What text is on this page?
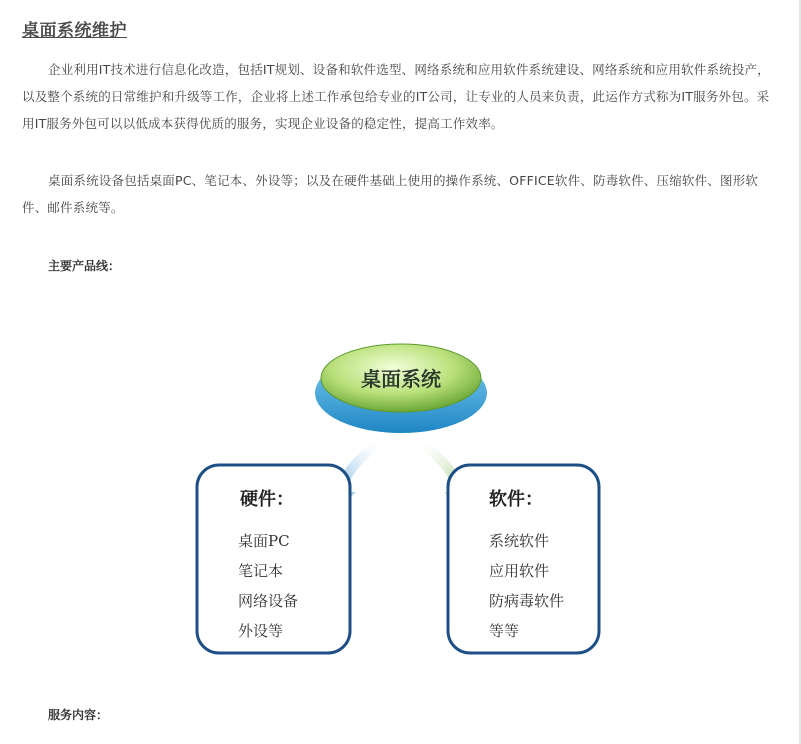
桌面系统维护

企业利用IT技术进行信息化改造，包括IT规划、设备和软件选型、网络系统和应用软件系统建设、网络系统和应用软件系统投产，以及整个系统的日常维护和升级等工作，企业将上述工作承包给专业的IT公司，让专业的人员来负责，此运作方式称为IT服务外包。采用IT服务外包可以以低成本获得优质的服务，实现企业设备的稳定性，提高工作效率。

桌面系统设备包括桌面PC、笔记本、外设等；以及在硬件基础上使用的操作系统、OFFICE软件、防毒软件、压缩软件、图形软件、邮件系统等。

主要产品线：
桌面系统
硬件：
桌面PC
笔记本
网络设备
外设等
软件：
系统软件
应用软件
防病毒软件
等等
服务内容：
